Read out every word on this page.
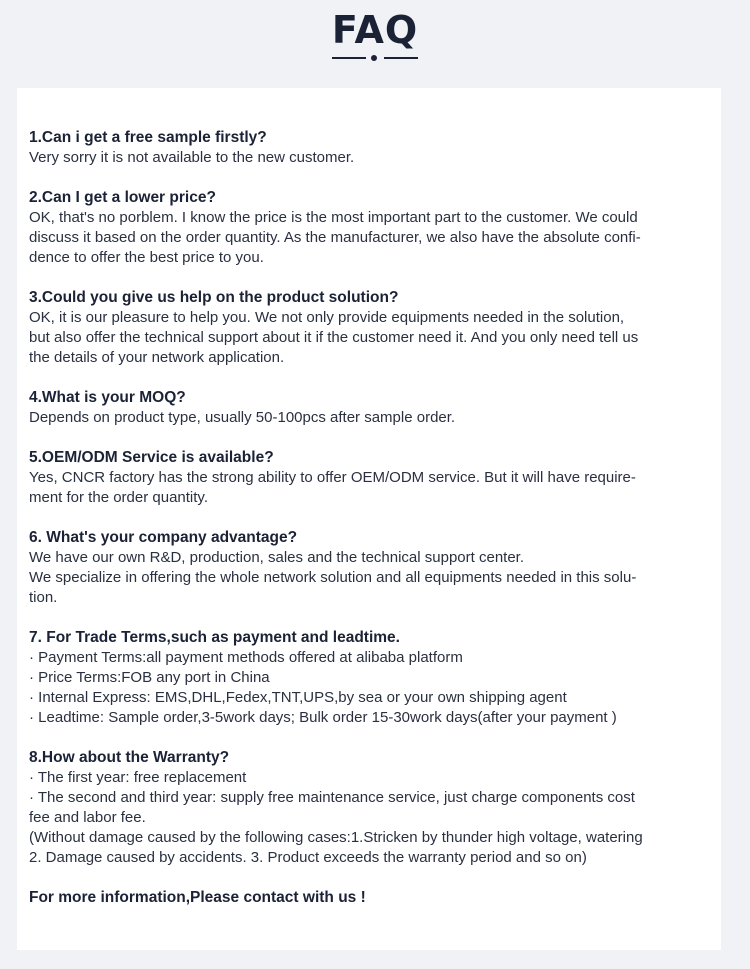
FAQ

1.Can i get a free sample firstly?

Very sorry it is not available to the new customer.

2.Can I get a lower price?

OK, that's no porblem. I know the price is the most important part to the customer. We could

discuss it based on the order quantity. As the manufacturer, we also have the absolute confi-

dence to offer the best price to you.

3.Could you give us help on the product solution?

OK, it is our pleasure to help you. We not only provide equipments needed in the solution,

but also offer the technical support about it if the customer need it. And you only need tell us

the details of your network application.

4.What is your MOQ?

Depends on product type, usually 50-100pcs after sample order.

5.OEM/ODM Service is available?

Yes, CNCR factory has the strong ability to offer OEM/ODM service. But it will have require-

ment for the order quantity.

6. What's your company advantage?

We have our own R&D, production, sales and the technical support center.

We specialize in offering the whole network solution and all equipments needed in this solu-

tion.

7. For Trade Terms,such as payment and leadtime.

· Payment Terms:all payment methods offered at alibaba platform

· Price Terms:FOB any port in China

· Internal Express: EMS,DHL,Fedex,TNT,UPS,by sea or your own shipping agent

· Leadtime: Sample order,3-5work days; Bulk order 15-30work days(after your payment )

8.How about the Warranty?

· The first year: free replacement

· The second and third year: supply free maintenance service, just charge components cost

fee and labor fee.

(Without damage caused by the following cases:1.Stricken by thunder high voltage, watering

2. Damage caused by accidents. 3. Product exceeds the warranty period and so on)

For more information,Please contact with us !
